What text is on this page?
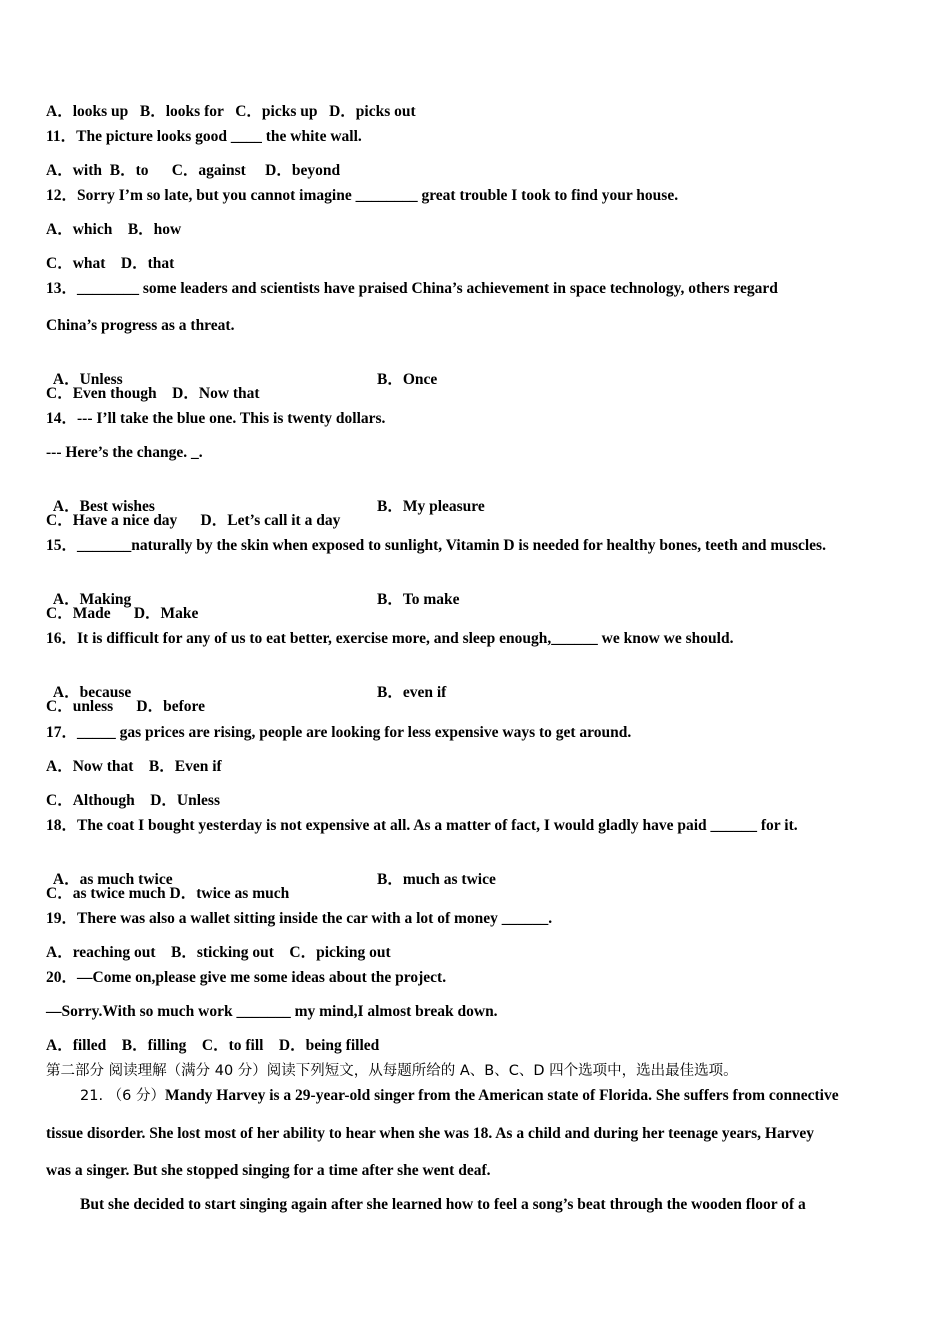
A．looks up   B．looks for   C．picks up   D．picks out
11．The picture looks good ____ the white wall.
A．with  B．to      C．against     D．beyond
12．Sorry I’m so late, but you cannot imagine ________ great trouble I took to find your house.
A．which    B．how
C．what    D．that
13．________ some leaders and scientists have praised China’s achievement in space technology, others regard
China’s progress as a threat.

A．Unless	B．Once

C．Even though    D．Now that
14．--- I’ll take the blue one. This is twenty dollars.
--- Here’s the change. _.

A．Best wishes	B．My pleasure

C．Have a nice day      D．Let’s call it a day
15．_______naturally by the skin when exposed to sunlight, Vitamin D is needed for healthy bones, teeth and muscles.

A．Making	B．To make

C．Made      D．Make
16．It is difficult for any of us to eat better, exercise more, and sleep enough,______ we know we should.

A．because	B．even if

C．unless      D．before
17．_____ gas prices are rising, people are looking for less expensive ways to get around.
A．Now that    B．Even if
C．Although    D．Unless
18．The coat I bought yesterday is not expensive at all. As a matter of fact, I would gladly have paid ______ for it.

A．as much twice	B．much as twice

C．as twice much D．twice as much
19．There was also a wallet sitting inside the car with a lot of money ______.
A．reaching out    B．sticking out    C．picking out
20．—Come on,please give me some ideas about the project.
—Sorry.With so much work _______ my mind,I almost break down.
A．filled    B．filling    C．to fill    D．being filled
第二部分 阅读理解（满分 40 分）阅读下列短文，从每题所给的 A、B、C、D 四个选项中，选出最佳选项。
21. （6 分）Mandy Harvey is a 29-year-old singer from the American state of Florida. She suffers from connective
tissue disorder. She lost most of her ability to hear when she was 18. As a child and during her teenage years, Harvey
was a singer. But she stopped singing for a time after she went deaf.
But she decided to start singing again after she learned how to feel a song’s beat through the wooden floor of a
